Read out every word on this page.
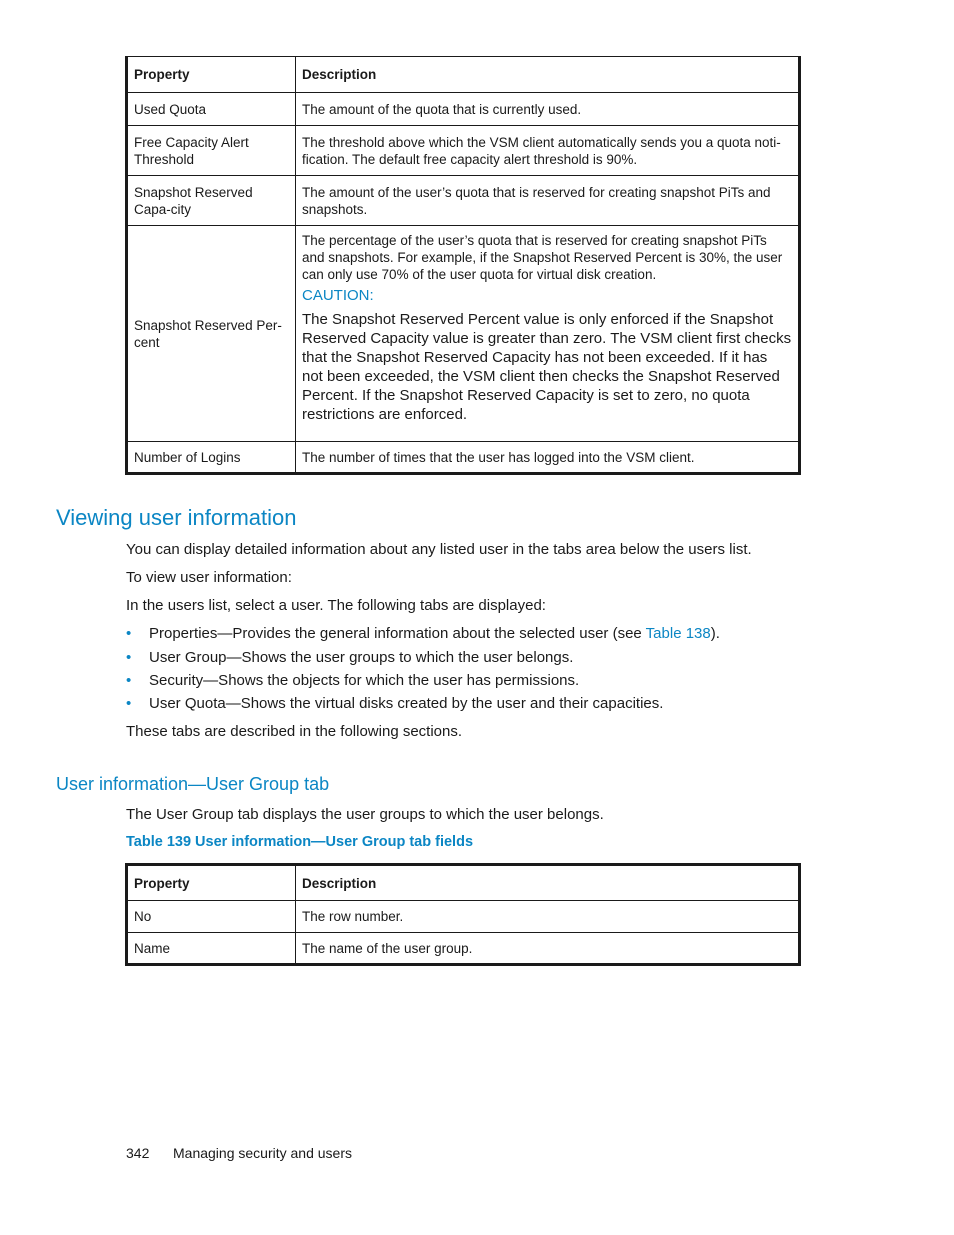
Property	Description
Used Quota	The amount of the quota that is currently used.
Free Capacity Alert Threshold	The threshold above which the VSM client automatically sends you a quota noti-fication. The default free capacity alert threshold is 90%.
Snapshot Reserved Capa-city	The amount of the user’s quota that is reserved for creating snapshot PiTs and snapshots.
Snapshot Reserved Per-cent	The percentage of the user’s quota that is reserved for creating snapshot PiTs and snapshots. For example, if the Snapshot Reserved Percent is 30%, the user can only use 70% of the user quota for virtual disk creation.
CAUTION:
The Snapshot Reserved Percent value is only enforced if the Snapshot Reserved Capacity value is greater than zero. The VSM client first checks that the Snapshot Reserved Capacity has not been exceeded. If it has not been exceeded, the VSM client then checks the Snapshot Reserved Percent. If the Snapshot Reserved Capacity is set to zero, no quota restrictions are enforced.

Number of Logins	The number of times that the user has logged into the VSM client.
Viewing user information
You can display detailed information about any listed user in the tabs area below the users list.
To view user information:
In the users list, select a user. The following tabs are displayed:
• Properties—Provides the general information about the selected user (see Table 138).
• User Group—Shows the user groups to which the user belongs.
• Security—Shows the objects for which the user has permissions.
• User Quota—Shows the virtual disks created by the user and their capacities.
These tabs are described in the following sections.
User information—User Group tab
The User Group tab displays the user groups to which the user belongs.
Table 139 User information—User Group tab fields
Property	Description
No	The row number.
Name	The name of the user group.
342 Managing security and users
